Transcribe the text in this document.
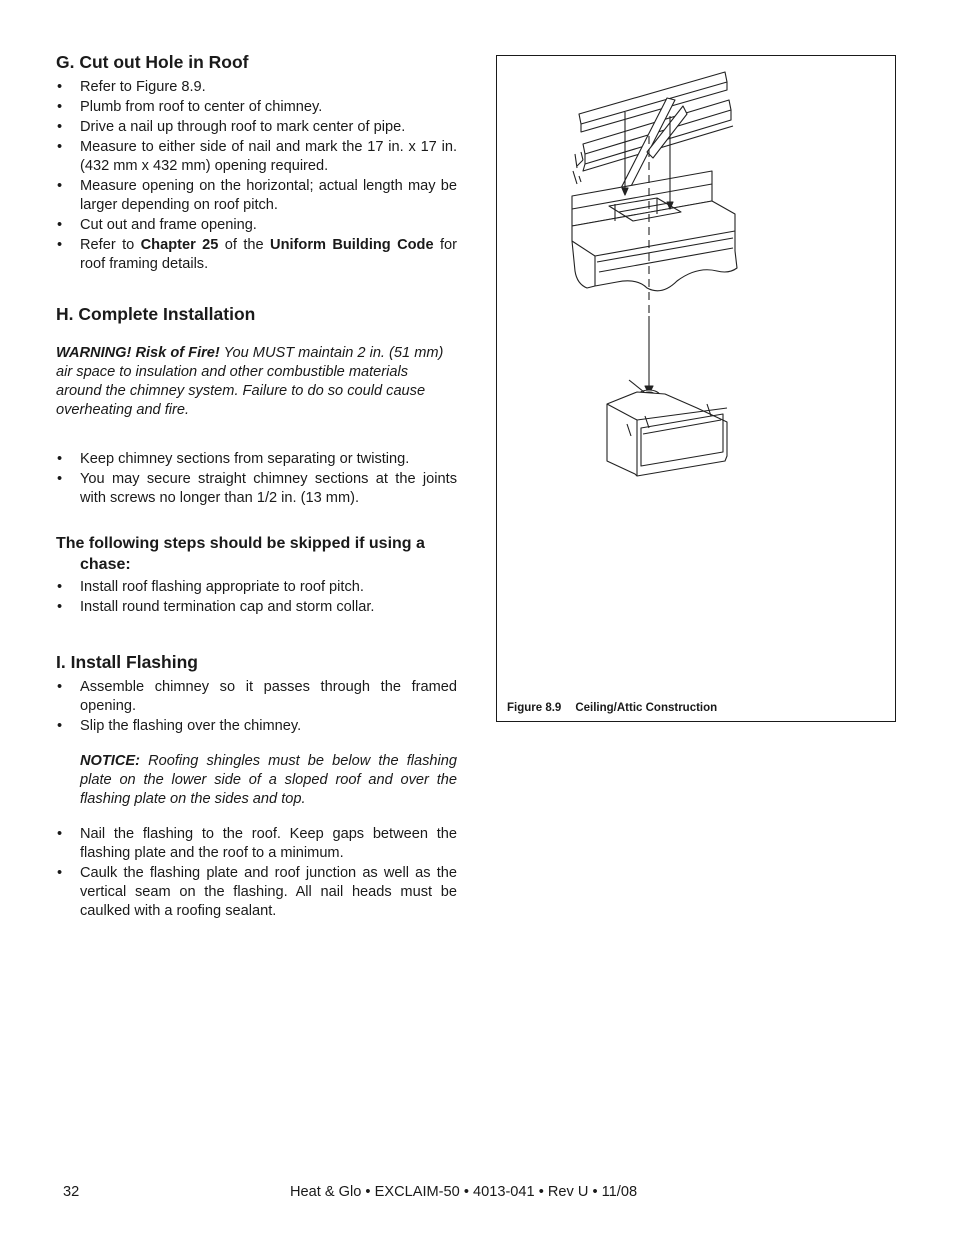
G. Cut out Hole in Roof
• Refer to Figure 8.9.
• Plumb from roof to center of chimney.
• Drive a nail up through roof to mark center of pipe.
• Measure to either side of nail and mark the 17 in. x 17 in. (432 mm x 432 mm) opening required.
• Measure opening on the horizontal; actual length may be larger depending on roof pitch.
• Cut out and frame opening.
• Refer to Chapter 25 of the Uniform Building Code for roof framing details.
H. Complete Installation

WARNING! Risk of Fire! You MUST maintain 2 in. (51 mm) air space to insulation and other combustible materials around the chimney system. Failure to do so could cause overheating and fire.

• Keep chimney sections from separating or twisting.
• You may secure straight chimney sections at the joints with screws no longer than 1/2 in. (13 mm).
The following steps should be skipped if using a chase:
• Install roof flashing appropriate to roof pitch.
• Install round termination cap and storm collar.
I. Install Flashing
• Assemble chimney so it passes through the framed opening.
• Slip the flashing over the chimney.

NOTICE: Roofing shingles must be below the flashing plate on the lower side of a sloped roof and over the flashing plate on the sides and top.

• Nail the flashing to the roof. Keep gaps between the flashing plate and the roof to a minimum.
• Caulk the flashing plate and roof junction as well as the vertical seam on the flashing. All nail heads must be caulked with a roofing sealant.
Figure 8.9 Ceiling/Attic Construction
32	Heat & Glo • EXCLAIM-50 • 4013-041 • Rev U • 11/08
